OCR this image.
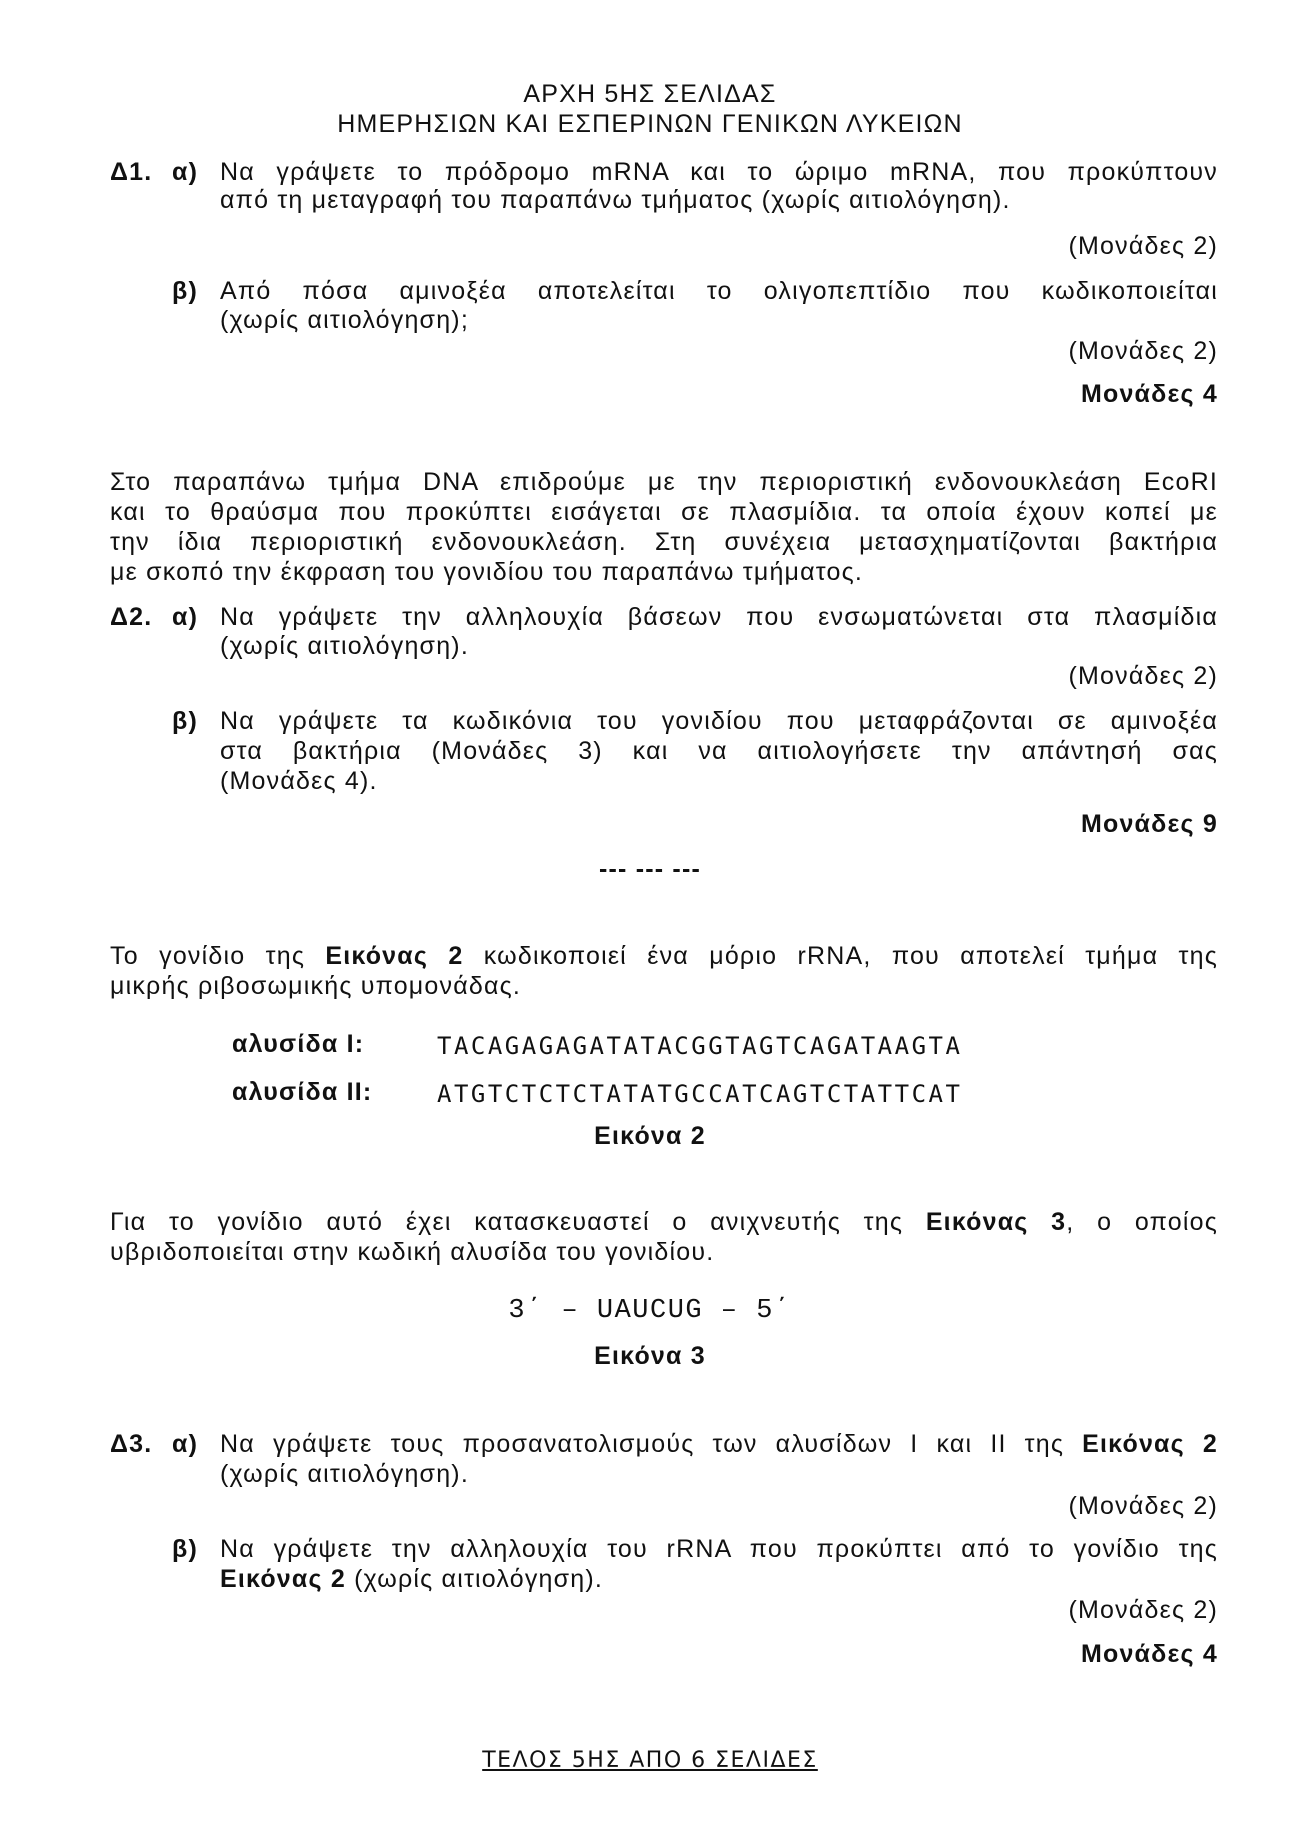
ΑΡΧΗ 5ΗΣ ΣΕΛΙΔΑΣ
ΗΜΕΡΗΣΙΩΝ ΚΑΙ ΕΣΠΕΡΙΝΩΝ ΓΕΝΙΚΩΝ ΛΥΚΕΙΩΝ
Δ1. α) Να γράψετε το πρόδρομο mRNA και το ώριμο mRNA, που προκύπτουν
από τη μεταγραφή του παραπάνω τμήματος (χωρίς αιτιολόγηση).
(Μονάδες 2)
β) Από πόσα αμινοξέα αποτελείται το ολιγοπεπτίδιο που κωδικοποιείται
(χωρίς αιτιολόγηση);
(Μονάδες 2)
Μονάδες 4
Στο παραπάνω τμήμα DNA επιδρούμε με την περιοριστική ενδονουκλεάση EcoRI
και το θραύσμα που προκύπτει εισάγεται σε πλασμίδια. τα οποία έχουν κοπεί με
την ίδια περιοριστική ενδονουκλεάση. Στη συνέχεια μετασχηματίζονται βακτήρια
με σκοπό την έκφραση του γονιδίου του παραπάνω τμήματος.
Δ2. α) Να γράψετε την αλληλουχία βάσεων που ενσωματώνεται στα πλασμίδια
(χωρίς αιτιολόγηση).
(Μονάδες 2)
β) Να γράψετε τα κωδικόνια του γονιδίου που μεταφράζονται σε αμινοξέα
στα βακτήρια (Μονάδες 3) και να αιτιολογήσετε την απάντησή σας
(Μονάδες 4).
Μονάδες 9
--- --- ---
Το γονίδιο της Εικόνας 2 κωδικοποιεί ένα μόριο rRNA, που αποτελεί τμήμα της
μικρής ριβοσωμικής υπομονάδας.
αλυσίδα Ι:	TACAGAGAGATATACGGTAGTCAGATAAGTA
αλυσίδα ΙΙ:	ATGTCTCTCTATATGCCATCAGTCTATTCAT
Εικόνα 2
Για το γονίδιο αυτό έχει κατασκευαστεί ο ανιχνευτής της Εικόνας 3, ο οποίος
υβριδοποιείται στην κωδική αλυσίδα του γονιδίου.
3΄ – UAUCUG – 5΄
Εικόνα 3
Δ3. α) Να γράψετε τους προσανατολισμούς των αλυσίδων Ι και ΙΙ της Εικόνας 2
(χωρίς αιτιολόγηση).
(Μονάδες 2)
β) Να γράψετε την αλληλουχία του rRNA που προκύπτει από το γονίδιο της
Εικόνας 2 (χωρίς αιτιολόγηση).
(Μονάδες 2)
Μονάδες 4
ΤΕΛΟΣ 5ΗΣ ΑΠΟ 6 ΣΕΛΙΔΕΣ
